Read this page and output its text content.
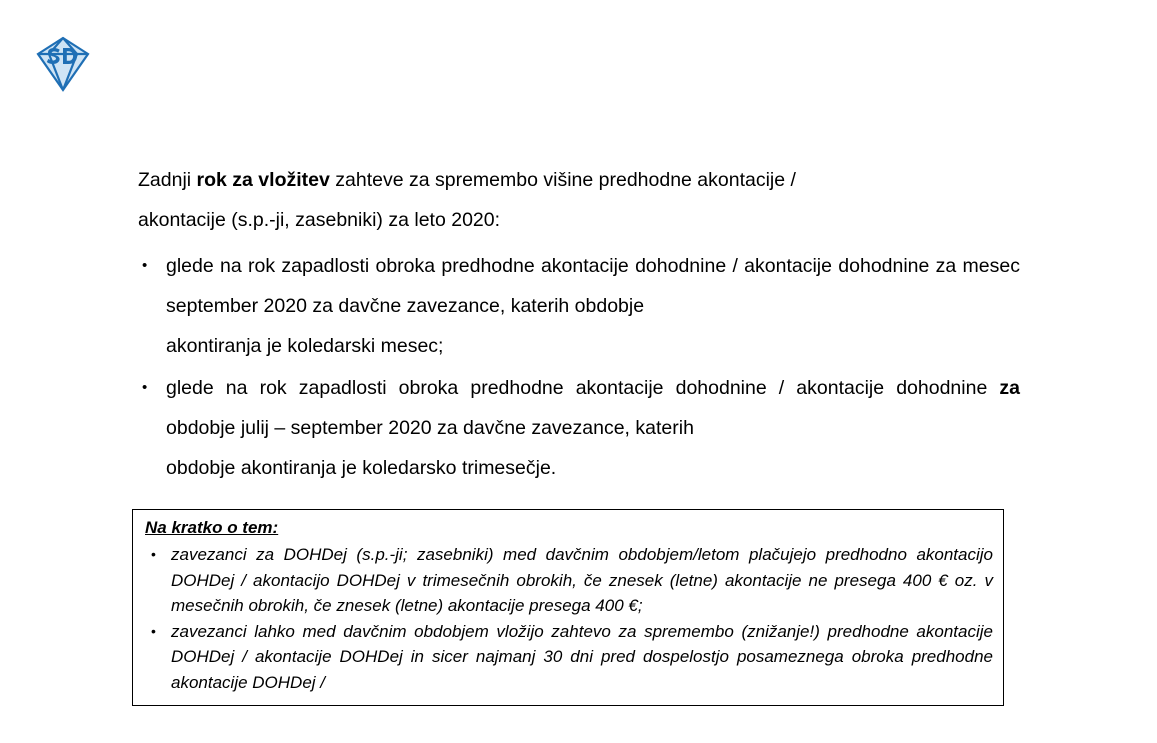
Zadnji rok za vložitev zahteve za spremembo višine predhodne akontacije /

akontacije (s.p.-ji, zasebniki) za leto 2020:

• glede na rok zapadlosti obroka predhodne akontacije dohodnine / akontacije dohodnine za mesec september 2020 za davčne zavezance, katerih obdobje
akontiranja je koledarski mesec;
• glede na rok zapadlosti obroka predhodne akontacije dohodnine / akontacije dohodnine za obdobje julij – september 2020 za davčne zavezance, katerih
obdobje akontiranja je koledarsko trimesečje.
Na kratko o tem:
• zavezanci za DOHDej (s.p.-ji; zasebniki) med davčnim obdobjem/letom plačujejo predhodno akontacijo DOHDej / akontacijo DOHDej v trimesečnih obrokih, če znesek (letne) akontacije ne presega 400 € oz. v mesečnih obrokih, če znesek (letne) akontacije presega 400 €;
• zavezanci lahko med davčnim obdobjem vložijo zahtevo za spremembo (znižanje!) predhodne akontacije DOHDej / akontacije DOHDej in sicer najmanj 30 dni pred dospelostjo posameznega obroka predhodne akontacije DOHDej /
